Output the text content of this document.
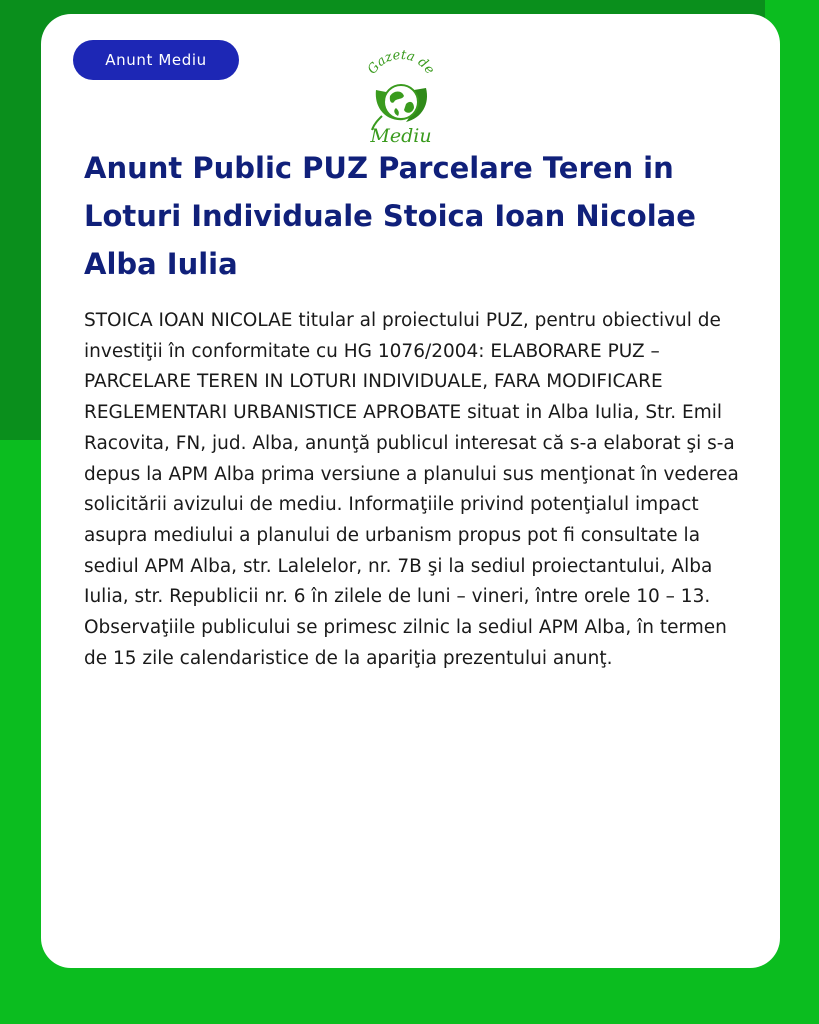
Anunt Mediu	Gazeta de
Mediu
Anunt Public PUZ Parcelare Teren in Loturi Individuale Stoica Ioan Nicolae Alba Iulia

STOICA IOAN NICOLAE titular al proiectului PUZ, pentru obiectivul de investiţii în conformitate cu HG 1076/2004: ELABORARE PUZ – PARCELARE TEREN IN LOTURI INDIVIDUALE, FARA MODIFICARE REGLEMENTARI URBANISTICE APROBATE situat in Alba Iulia, Str. Emil Racovita, FN, jud. Alba, anunţă publicul interesat că s-a elaborat şi s-a depus la APM Alba prima versiune a planului sus menţionat în vederea solicitării avizului de mediu. Informaţiile privind potenţialul impact asupra mediului a planului de urbanism propus pot fi consultate la sediul APM Alba, str. Lalelelor, nr. 7B şi la sediul proiectantului, Alba Iulia, str. Republicii nr. 6 în zilele de luni – vineri, între orele 10 – 13. Observaţiile publicului se primesc zilnic la sediul APM Alba, în termen de 15 zile calendaristice de la apariţia prezentului anunţ.
